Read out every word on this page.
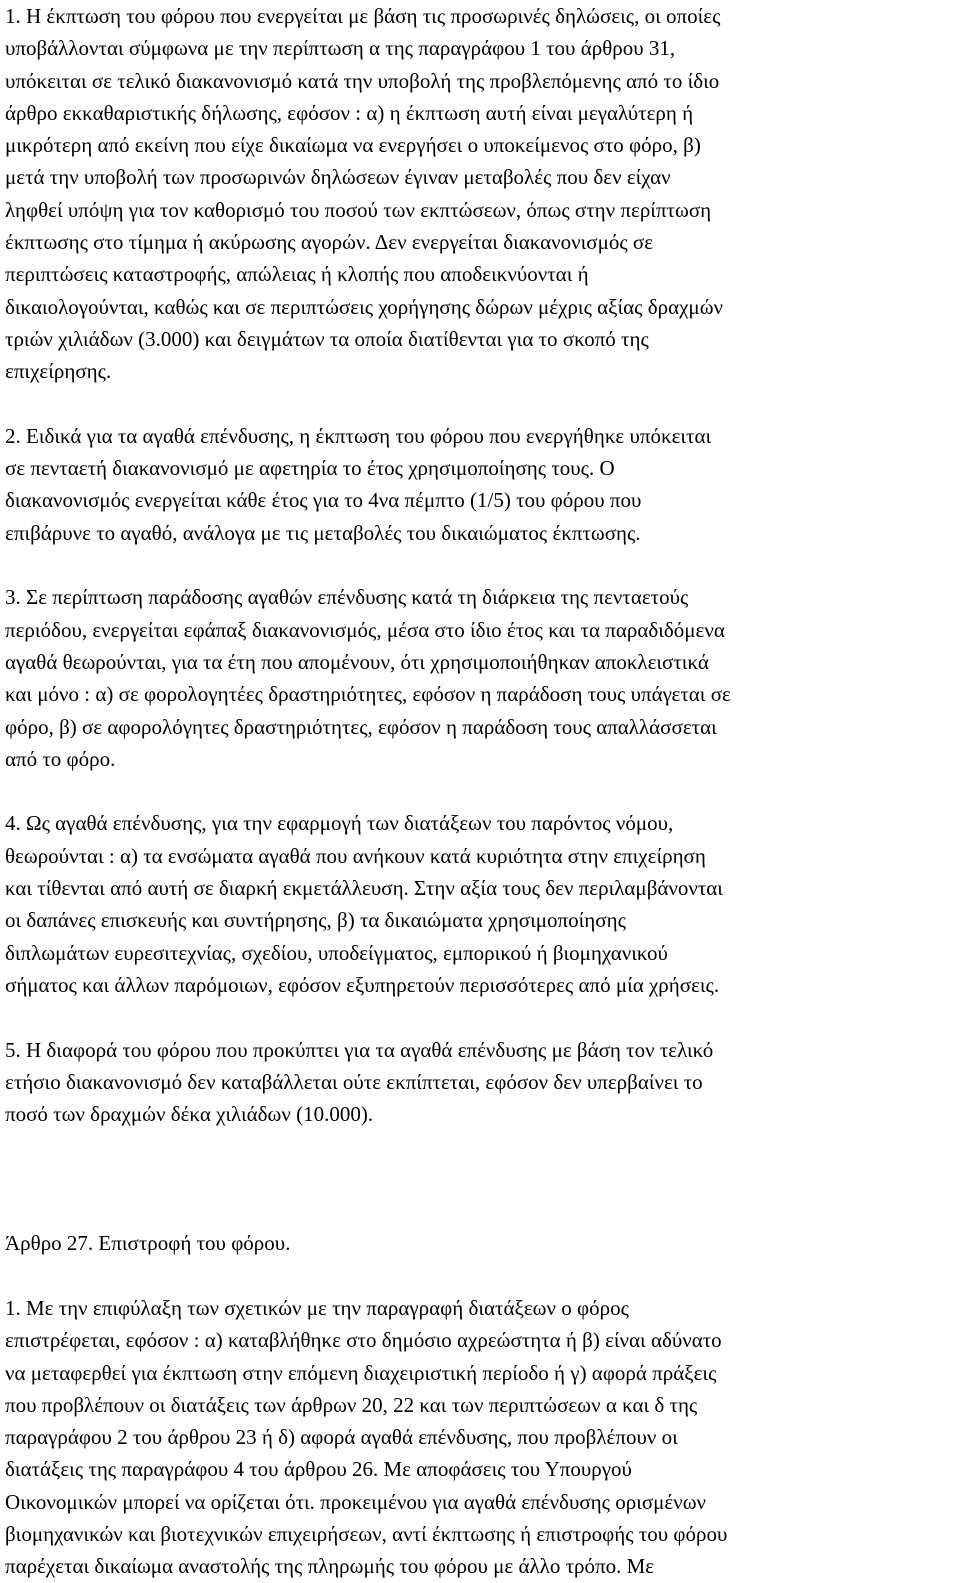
1. Η έκπτωση του φόρου που ενεργείται με βάση τις προσωρινές δηλώσεις, οι οποίες
υποβάλλονται σύμφωνα με την περίπτωση α της παραγράφου 1 του άρθρου 31,
υπόκειται σε τελικό διακανονισμό κατά την υποβολή της προβλεπόμενης από το ίδιο
άρθρο εκκαθαριστικής δήλωσης, εφόσον : α) η έκπτωση αυτή είναι μεγαλύτερη ή
μικρότερη από εκείνη που είχε δικαίωμα να ενεργήσει ο υποκείμενος στο φόρο, β)
μετά την υποβολή των προσωρινών δηλώσεων έγιναν μεταβολές που δεν είχαν
ληφθεί υπόψη για τον καθορισμό του ποσού των εκπτώσεων, όπως στην περίπτωση
έκπτωσης στο τίμημα ή ακύρωσης αγορών. Δεν ενεργείται διακανονισμός σε
περιπτώσεις καταστροφής, απώλειας ή κλοπής που αποδεικνύονται ή
δικαιολογούνται, καθώς και σε περιπτώσεις χορήγησης δώρων μέχρις αξίας δραχμών
τριών χιλιάδων (3.000) και δειγμάτων τα οποία διατίθενται για το σκοπό της
επιχείρησης.

2. Ειδικά για τα αγαθά επένδυσης, η έκπτωση του φόρου που ενεργήθηκε υπόκειται
σε πενταετή διακανονισμό με αφετηρία το έτος χρησιμοποίησης τους. Ο
διακανονισμός ενεργείται κάθε έτος για το 4να πέμπτο (1/5) του φόρου που
επιβάρυνε το αγαθό, ανάλογα με τις μεταβολές του δικαιώματος έκπτωσης.

3. Σε περίπτωση παράδοσης αγαθών επένδυσης κατά τη διάρκεια της πενταετούς
περιόδου, ενεργείται εφάπαξ διακανονισμός, μέσα στο ίδιο έτος και τα παραδιδόμενα
αγαθά θεωρούνται, για τα έτη που απομένουν, ότι χρησιμοποιήθηκαν αποκλειστικά
και μόνο : α) σε φορολογητέες δραστηριότητες, εφόσον η παράδοση τους υπάγεται σε
φόρο, β) σε αφορολόγητες δραστηριότητες, εφόσον η παράδοση τους απαλλάσσεται
από το φόρο.

4. Ως αγαθά επένδυσης, για την εφαρμογή των διατάξεων του παρόντος νόμου,
θεωρούνται : α) τα ενσώματα αγαθά που ανήκουν κατά κυριότητα στην επιχείρηση
και τίθενται από αυτή σε διαρκή εκμετάλλευση. Στην αξία τους δεν περιλαμβάνονται
οι δαπάνες επισκευής και συντήρησης, β) τα δικαιώματα χρησιμοποίησης
διπλωμάτων ευρεσιτεχνίας, σχεδίου, υποδείγματος, εμπορικού ή βιομηχανικού
σήματος και άλλων παρόμοιων, εφόσον εξυπηρετούν περισσότερες από μία χρήσεις.

5. Η διαφορά του φόρου που προκύπτει για τα αγαθά επένδυσης με βάση τον τελικό
ετήσιο διακανονισμό δεν καταβάλλεται ούτε εκπίπτεται, εφόσον δεν υπερβαίνει το
ποσό των δραχμών δέκα χιλιάδων (10.000).

Άρθρο 27. Επιστροφή του φόρου.

1. Με την επιφύλαξη των σχετικών με την παραγραφή διατάξεων ο φόρος
επιστρέφεται, εφόσον : α) καταβλήθηκε στο δημόσιο αχρεώστητα ή β) είναι αδύνατο
να μεταφερθεί για έκπτωση στην επόμενη διαχειριστική περίοδο ή γ) αφορά πράξεις
που προβλέπουν οι διατάξεις των άρθρων 20, 22 και των περιπτώσεων α και δ της
παραγράφου 2 του άρθρου 23 ή δ) αφορά αγαθά επένδυσης, που προβλέπουν οι
διατάξεις της παραγράφου 4 του άρθρου 26. Με αποφάσεις του Υπουργού
Οικονομικών μπορεί να ορίζεται ότι. προκειμένου για αγαθά επένδυσης ορισμένων
βιομηχανικών και βιοτεχνικών επιχειρήσεων, αντί έκπτωσης ή επιστροφής του φόρου
παρέχεται δικαίωμα αναστολής της πληρωμής του φόρου με άλλο τρόπο. Με
